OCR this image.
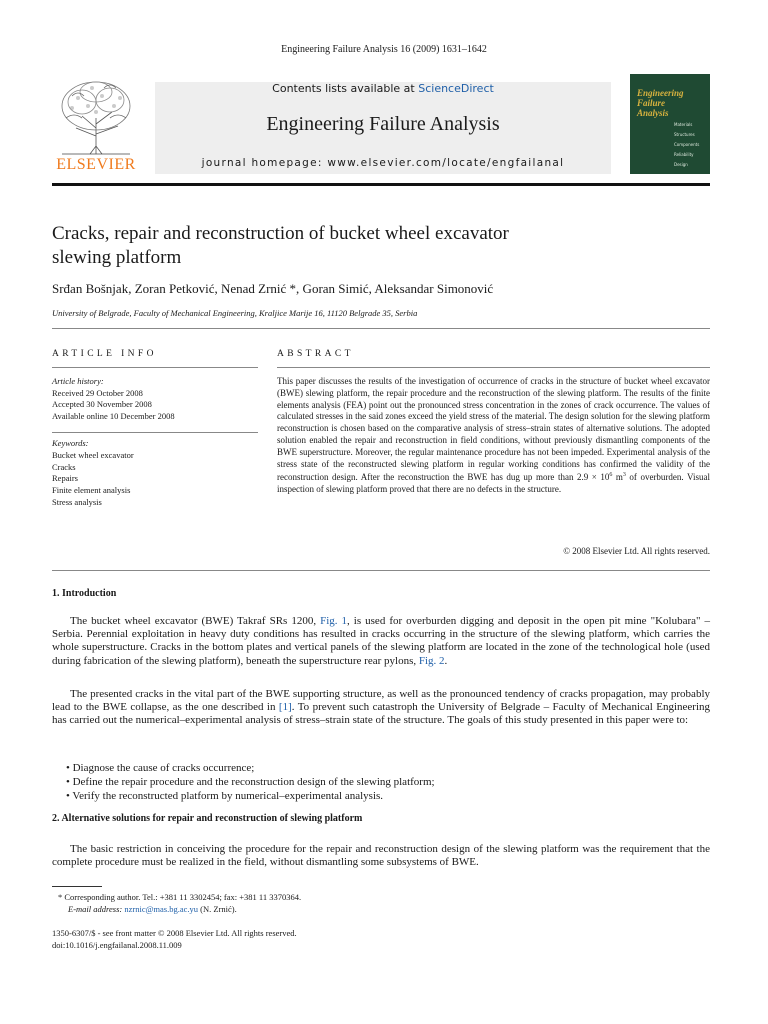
Engineering Failure Analysis 16 (2009) 1631–1642
ELSEVIER
Contents lists available at ScienceDirect
Engineering Failure Analysis
journal homepage: www.elsevier.com/locate/engfailanal
Engineering
Failure
Analysis
Materials
Structures
Components
Reliability
Design
Cracks, repair and reconstruction of bucket wheel excavator
slewing platform
Srđan Bošnjak, Zoran Petković, Nenad Zrnić *, Goran Simić, Aleksandar Simonović
University of Belgrade, Faculty of Mechanical Engineering, Kraljice Marije 16, 11120 Belgrade 35, Serbia
ARTICLE INFO
Article history:
Received 29 October 2008
Accepted 30 November 2008
Available online 10 December 2008
Keywords:
Bucket wheel excavator
Cracks
Repairs
Finite element analysis
Stress analysis
ABSTRACT
This paper discusses the results of the investigation of occurrence of cracks in the structure of bucket wheel excavator (BWE) slewing platform, the repair procedure and the reconstruction of the slewing platform. The results of the finite elements analysis (FEA) point out the pronounced stress concentration in the zones of crack occurrence. The values of calculated stresses in the said zones exceed the yield stress of the material. The design solution for the slewing platform reconstruction is chosen based on the comparative analysis of stress–strain states of alternative solutions. The adopted solution enabled the repair and reconstruction in field conditions, without previously dismantling components of the BWE superstructure. Moreover, the regular maintenance procedure has not been impeded. Experimental analysis of the stress state of the reconstructed slewing platform in regular working conditions has confirmed the validity of the reconstruction design. After the reconstruction the BWE has dug up more than $2.9 \times 10^6$ $m^3$ of overburden. Visual inspection of slewing platform proved that there are no defects in the structure.
© 2008 Elsevier Ltd. All rights reserved.
1. Introduction
The bucket wheel excavator (BWE) Takraf SRs 1200, Fig. 1, is used for overburden digging and deposit in the open pit mine "Kolubara" – Serbia. Perennial exploitation in heavy duty conditions has resulted in cracks occurring in the structure of the slewing platform, which carries the whole superstructure. Cracks in the bottom plates and vertical panels of the slewing platform are located in the zone of the technological hole (used during fabrication of the slewing platform), beneath the superstructure rear pylons, Fig. 2.
The presented cracks in the vital part of the BWE supporting structure, as well as the pronounced tendency of cracks propagation, may probably lead to the BWE collapse, as the one described in [1]. To prevent such catastroph the University of Belgrade – Faculty of Mechanical Engineering has carried out the numerical–experimental analysis of stress–strain state of the structure. The goals of this study presented in this paper were to:
• Diagnose the cause of cracks occurrence;
• Define the repair procedure and the reconstruction design of the slewing platform;
• Verify the reconstructed platform by numerical–experimental analysis.
2. Alternative solutions for repair and reconstruction of slewing platform
The basic restriction in conceiving the procedure for the repair and reconstruction design of the slewing platform was the requirement that the complete procedure must be realized in the field, without dismantling some subsystems of BWE.
* Corresponding author. Tel.: +381 11 3302454; fax: +381 11 3370364.
E-mail address: nzrnic@mas.bg.ac.yu (N. Zrnić).
1350-6307/$ - see front matter © 2008 Elsevier Ltd. All rights reserved.
doi:10.1016/j.engfailanal.2008.11.009
